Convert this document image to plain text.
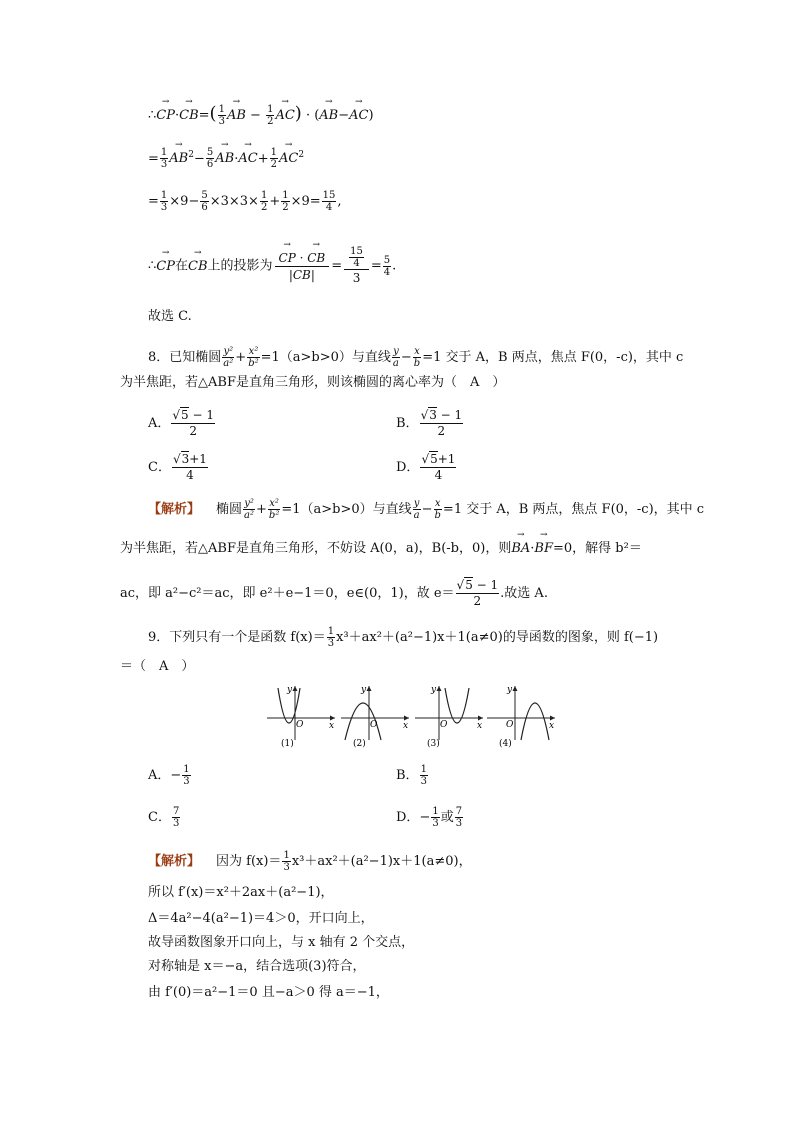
∴→ $CP\cdot\to CB=( \frac{1}{3}$
→ AB − $\frac{1}{2}$
→ AC) · (→ AB−→ AC)
= $\frac{1}{3}$
→ $AB^2- \frac{5}{6}$
→ $AB\cdot\to AC+ \frac{1}{2}$
→ $AC^2$
= $\frac{1}{3} \times 9- \frac{5}{6} \times 3\times 3\times \frac{1}{2} + \frac{1}{2} \times 9= \frac{15}{4}$ ,
∴→ CP在→ CB上的投影为
→ $\frac{CP \cdot \to CB}{|CB|} = \frac{\frac{15}{4}}{3} = \frac{5}{4}$ .
故选 C.
8．已知椭圆 $\frac{\text{y²}}{\text{a²}} + \frac{\text{x²}}{\text{b²}} =1(a>b>0)$与直线 $\frac{y}{a} - \frac{x}{b} =1$ 交于 A，B 两点，焦点 F(0，-c)，其中 c
为半焦距，若△ABF是直角三角形，则该椭圆的离心率为（　A　）
A． $\frac{√5 - 1}{2}$	B． $\frac{√3 - 1}{2}$
C． $\frac{√3+1}{4}$	D． $\frac{√5+1}{4}$
【解析】 椭圆 $\frac{\text{y²}}{\text{a²}} + \frac{\text{x²}}{\text{b²}} =1(a>b>0)$与直线 $\frac{y}{a} - \frac{x}{b} =1$ 交于 A，B 两点，焦点 F(0，-c)，其中 c
为半焦距，若△ABF是直角三角形，不妨设 A(0，a)，B(-b，0)，则→ BA·→ BF=0，解得 b²＝
ac，即 a²−c²＝ac，即 e²＋e−1＝0，e∈(0，1)，故 $e= \frac{√5 - 1}{2}$ .故选 A.
9．下列只有一个是函数 $f(x)= \frac{1}{3} x^3+ax^2+(a^2-1)x+1(a\ne 0)$的导函数的图象，则 f(−1)
＝（　A　）
y
x
O
(1)
y
x
O
(2)
y
x
O
(3)
y
x
O
(4)
A．− $\frac{1}{3}$	B． $\frac{1}{3}$
C． $\frac{7}{3}$	D．− $\frac{1}{3}$ 或 $\frac{7}{3}$
【解析】 因为 $f(x)= \frac{1}{3} x^3+ax^2+(a^2-1)x+1(a\ne 0)$，
所以 f′(x)＝x²＋2ax＋(a²−1)，
Δ＝4a²−4(a²−1)＝4＞0，开口向上，
故导函数图象开口向上，与 x 轴有 2 个交点，
对称轴是 x＝−a，结合选项(3)符合，
由 f′(0)＝a²−1＝0 且−a＞0 得 a＝−1，
